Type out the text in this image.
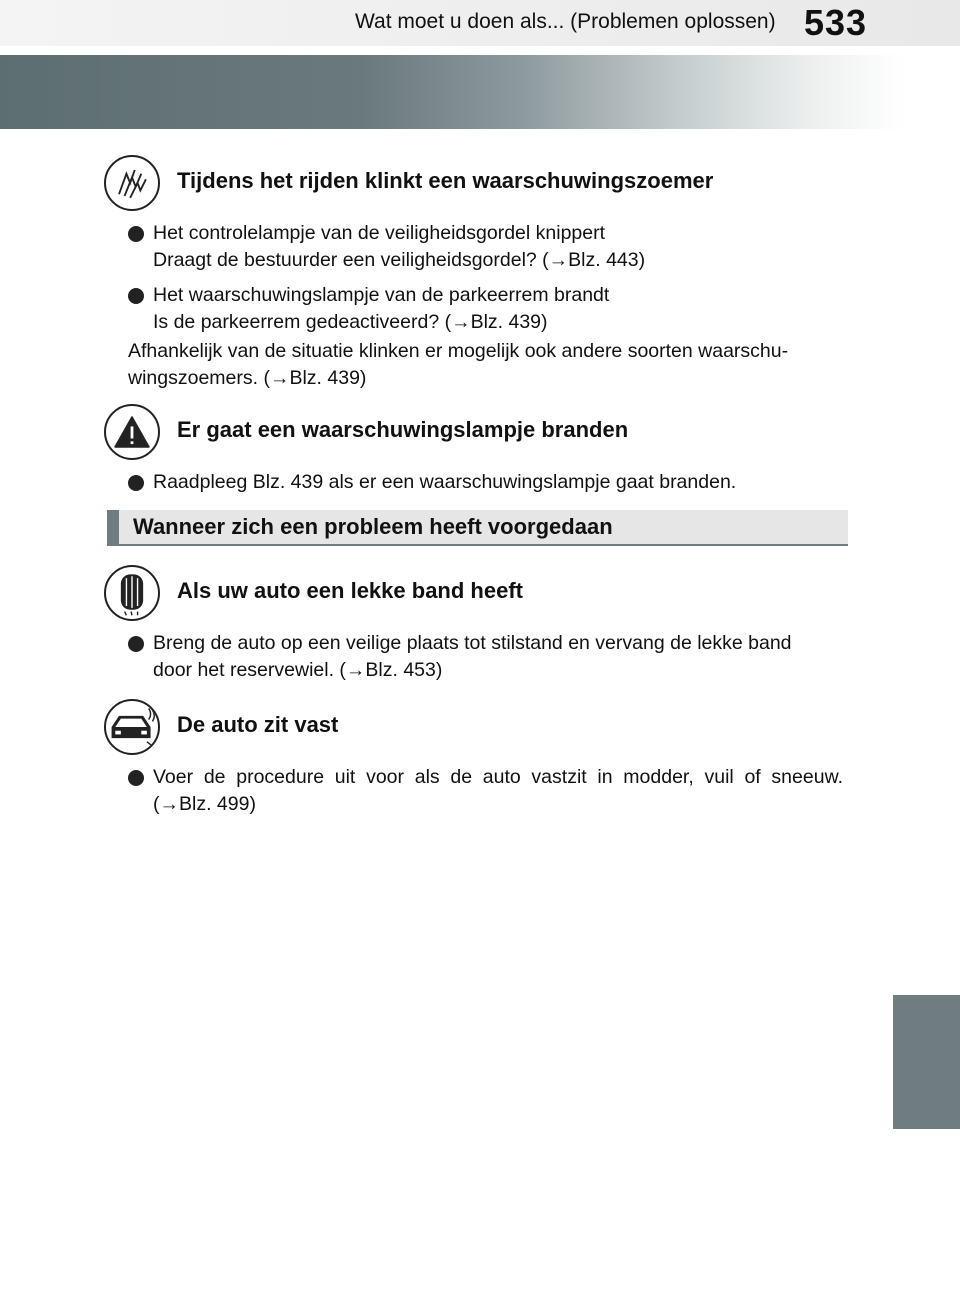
Wat moet u doen als... (Problemen oplossen) 533
Tijdens het rijden klinkt een waarschuwingszoemer
Het controlelampje van de veiligheidsgordel knippert
Draagt de bestuurder een veiligheidsgordel? (→Blz. 443)
Het waarschuwingslampje van de parkeerrem brandt
Is de parkeerrem gedeactiveerd? (→Blz. 439)
Afhankelijk van de situatie klinken er mogelijk ook andere soorten waarschu-
wingszoemers. (→Blz. 439)
Er gaat een waarschuwingslampje branden
Raadpleeg Blz. 439 als er een waarschuwingslampje gaat branden.
Wanneer zich een probleem heeft voorgedaan
Als uw auto een lekke band heeft
Breng de auto op een veilige plaats tot stilstand en vervang de lekke band
door het reservewiel. (→Blz. 453)
De auto zit vast
Voer de procedure uit voor als de auto vastzit in modder, vuil of sneeuw.
(→Blz. 499)
